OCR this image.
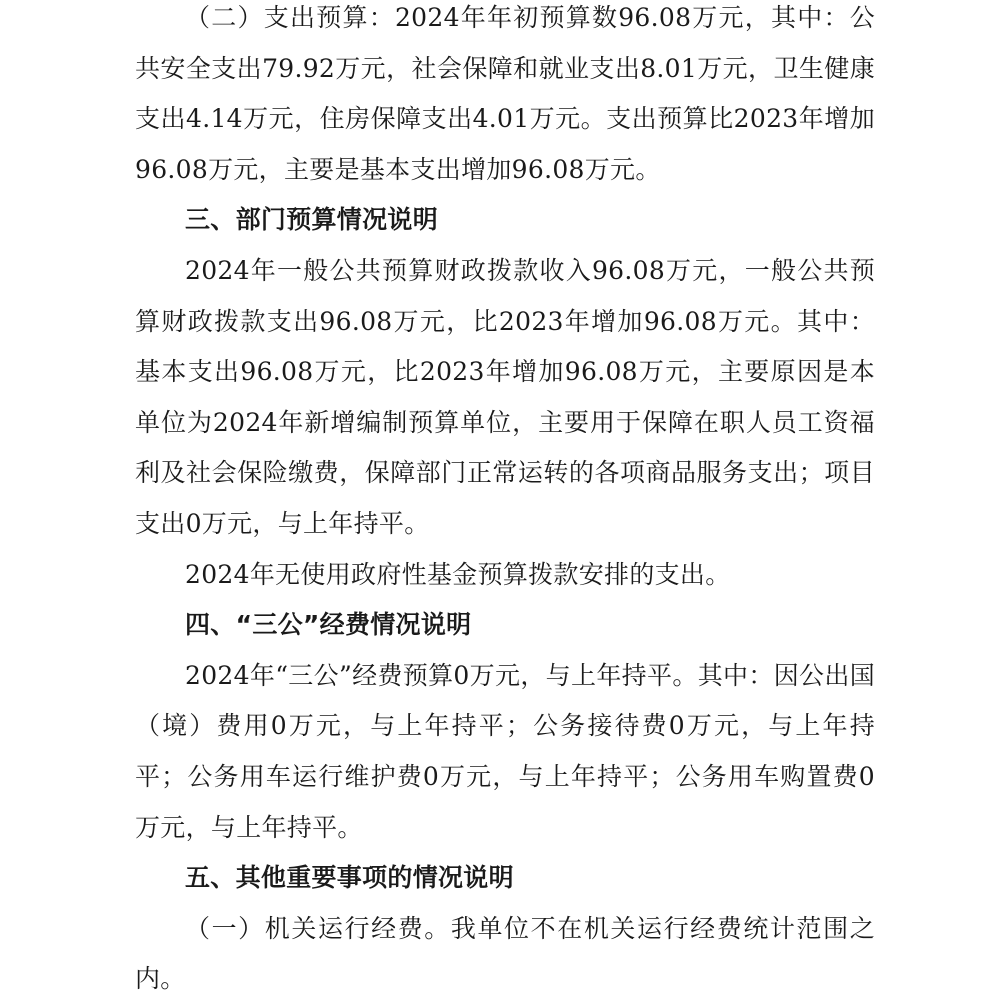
（二）支出预算：2024年年初预算数96.08万元，其中：公共安全支出79.92万元，社会保障和就业支出8.01万元，卫生健康支出4.14万元，住房保障支出4.01万元。支出预算比2023年增加96.08万元，主要是基本支出增加96.08万元。

三、部门预算情况说明

2024年一般公共预算财政拨款收入96.08万元，一般公共预算财政拨款支出96.08万元，比2023年增加96.08万元。其中：基本支出96.08万元，比2023年增加96.08万元，主要原因是本单位为2024年新增编制预算单位，主要用于保障在职人员工资福利及社会保险缴费，保障部门正常运转的各项商品服务支出；项目支出0万元，与上年持平。

2024年无使用政府性基金预算拨款安排的支出。

四、“三公”经费情况说明

2024年“三公”经费预算0万元，与上年持平。其中：因公出国（境）费用0万元，与上年持平；公务接待费0万元，与上年持平；公务用车运行维护费0万元，与上年持平；公务用车购置费0万元，与上年持平。

五、其他重要事项的情况说明

（一）机关运行经费。我单位不在机关运行经费统计范围之内。
